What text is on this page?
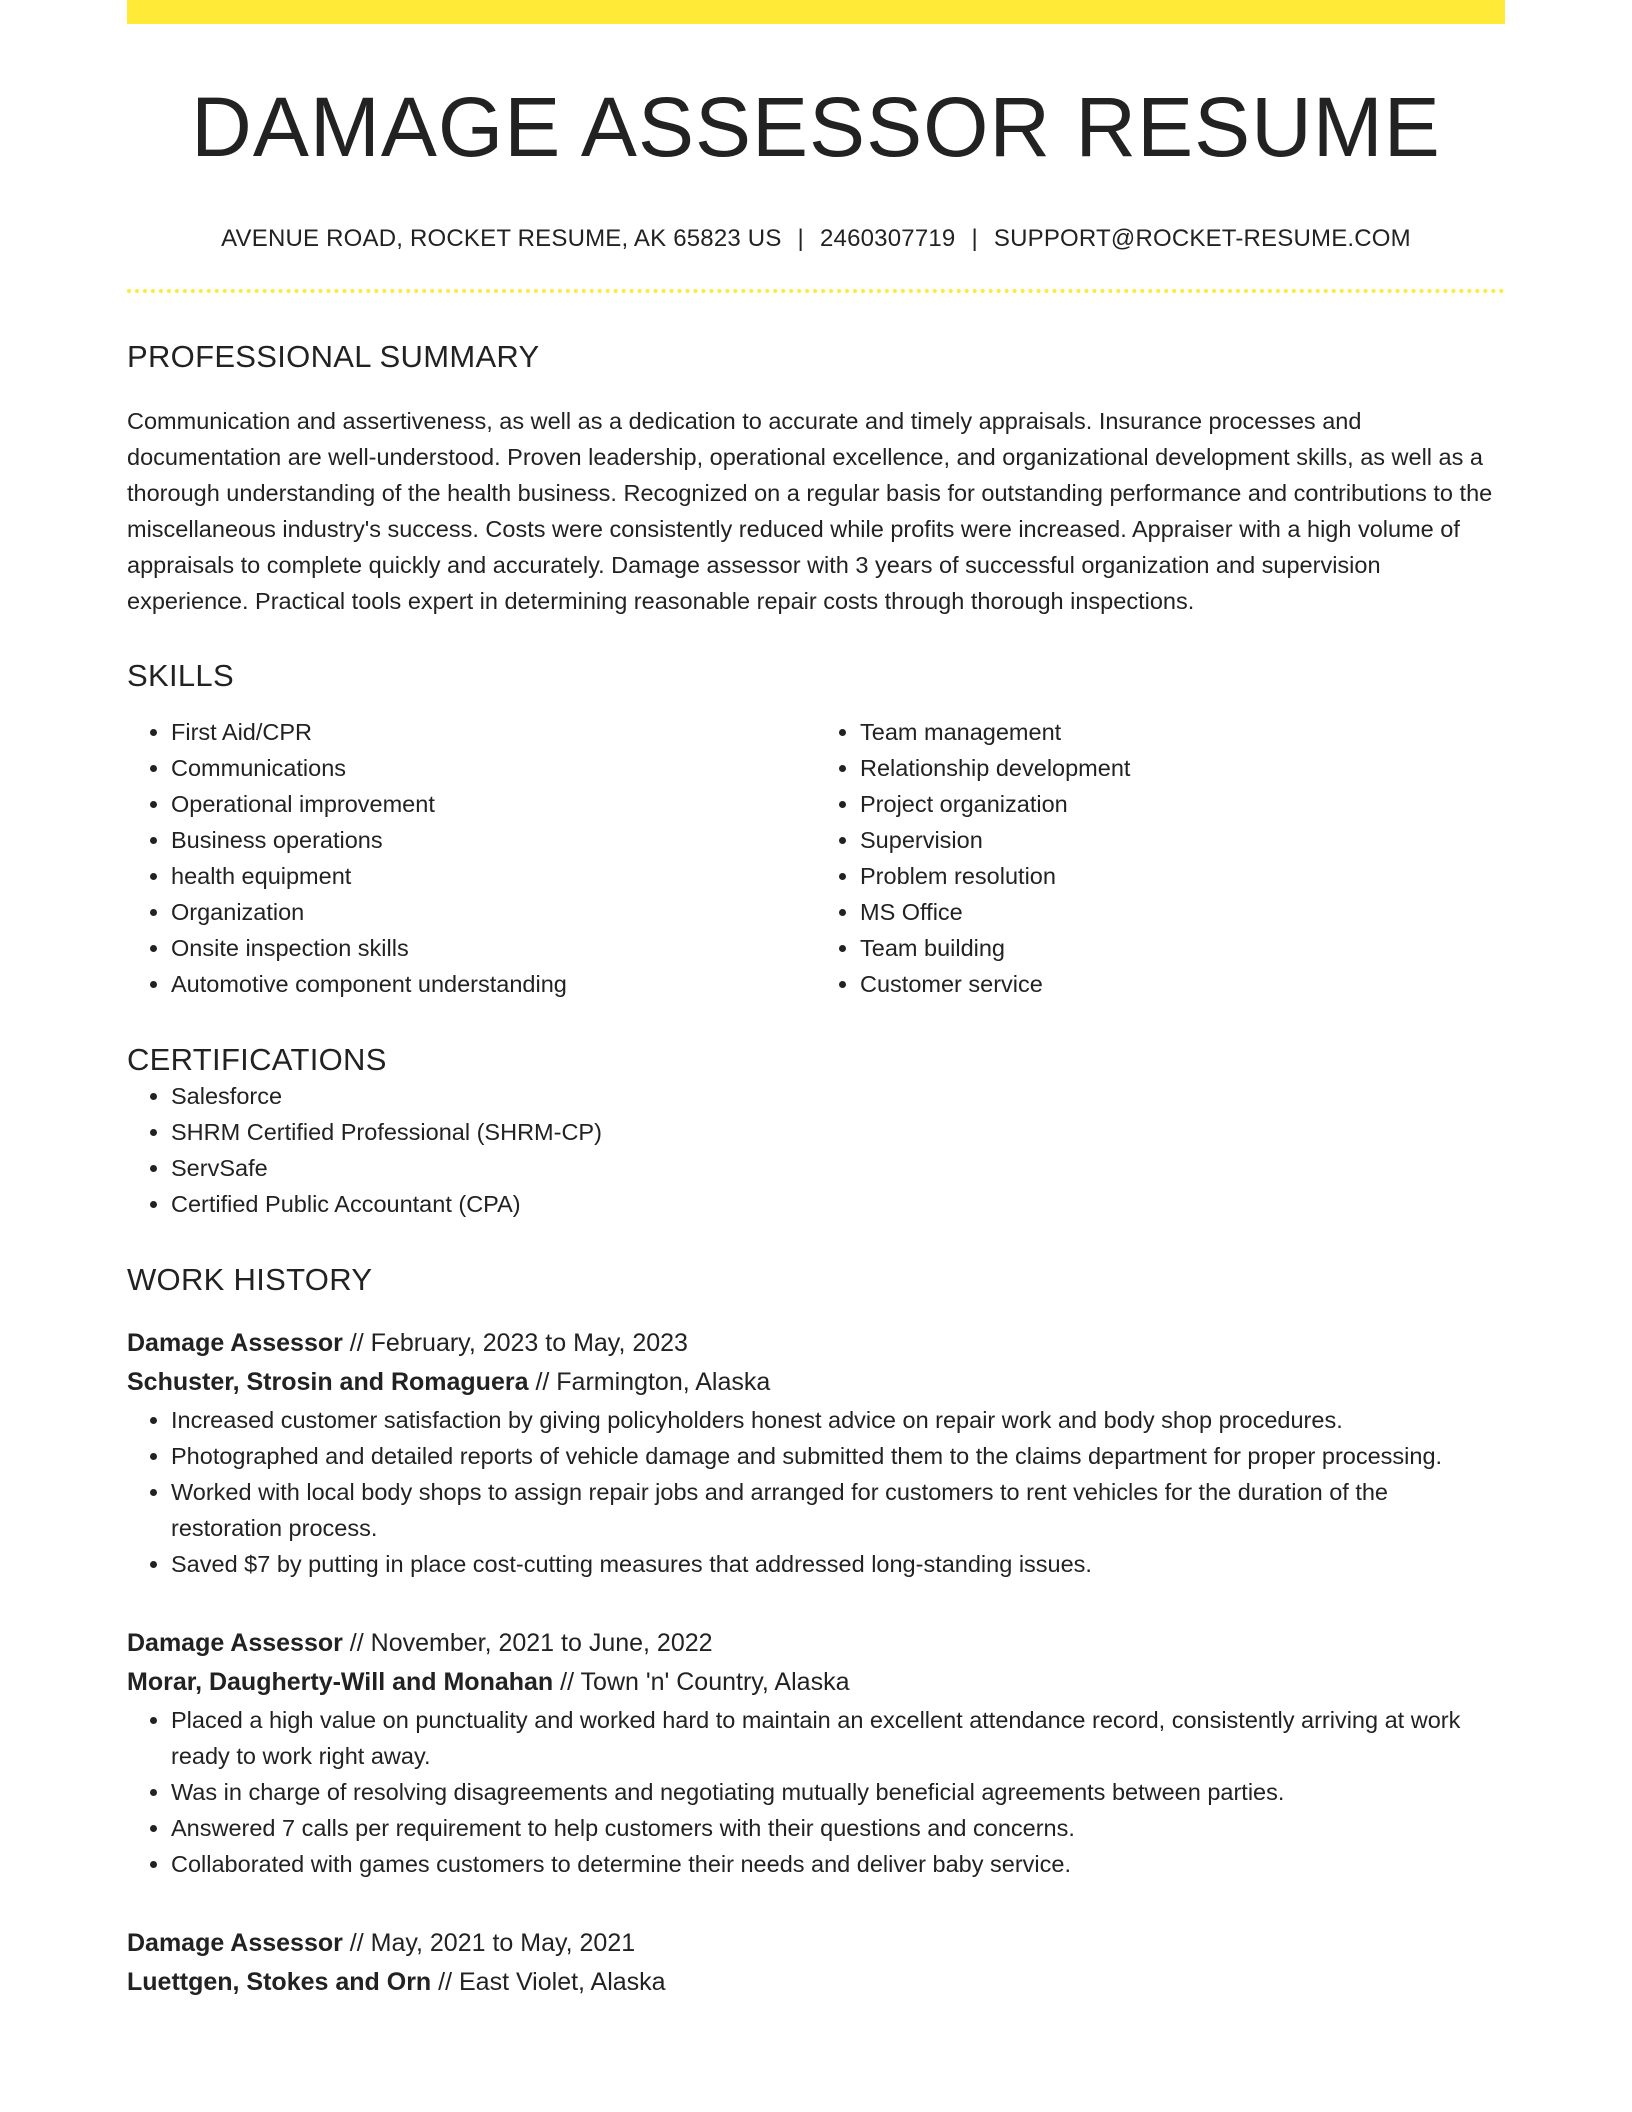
DAMAGE ASSESSOR RESUME
AVENUE ROAD, ROCKET RESUME, AK 65823 US | 2460307719 | SUPPORT@ROCKET-RESUME.COM
PROFESSIONAL SUMMARY

Communication and assertiveness, as well as a dedication to accurate and timely appraisals. Insurance processes and documentation are well-understood. Proven leadership, operational excellence, and organizational development skills, as well as a thorough understanding of the health business. Recognized on a regular basis for outstanding performance and contributions to the miscellaneous industry's success. Costs were consistently reduced while profits were increased. Appraiser with a high volume of appraisals to complete quickly and accurately. Damage assessor with 3 years of successful organization and supervision experience. Practical tools expert in determining reasonable repair costs through thorough inspections.

SKILLS
• First Aid/CPR
• Communications
• Operational improvement
• Business operations
• health equipment
• Organization
• Onsite inspection skills
• Automotive component understanding
• Team management
• Relationship development
• Project organization
• Supervision
• Problem resolution
• MS Office
• Team building
• Customer service
CERTIFICATIONS
• Salesforce
• SHRM Certified Professional (SHRM-CP)
• ServSafe
• Certified Public Accountant (CPA)
WORK HISTORY
Damage Assessor // February, 2023 to May, 2023
Schuster, Strosin and Romaguera // Farmington, Alaska
• Increased customer satisfaction by giving policyholders honest advice on repair work and body shop procedures.
• Photographed and detailed reports of vehicle damage and submitted them to the claims department for proper processing.
• Worked with local body shops to assign repair jobs and arranged for customers to rent vehicles for the duration of the restoration process.
• Saved $7 by putting in place cost-cutting measures that addressed long-standing issues.
Damage Assessor // November, 2021 to June, 2022
Morar, Daugherty-Will and Monahan // Town 'n' Country, Alaska
• Placed a high value on punctuality and worked hard to maintain an excellent attendance record, consistently arriving at work ready to work right away.
• Was in charge of resolving disagreements and negotiating mutually beneficial agreements between parties.
• Answered 7 calls per requirement to help customers with their questions and concerns.
• Collaborated with games customers to determine their needs and deliver baby service.
Damage Assessor // May, 2021 to May, 2021
Luettgen, Stokes and Orn // East Violet, Alaska
